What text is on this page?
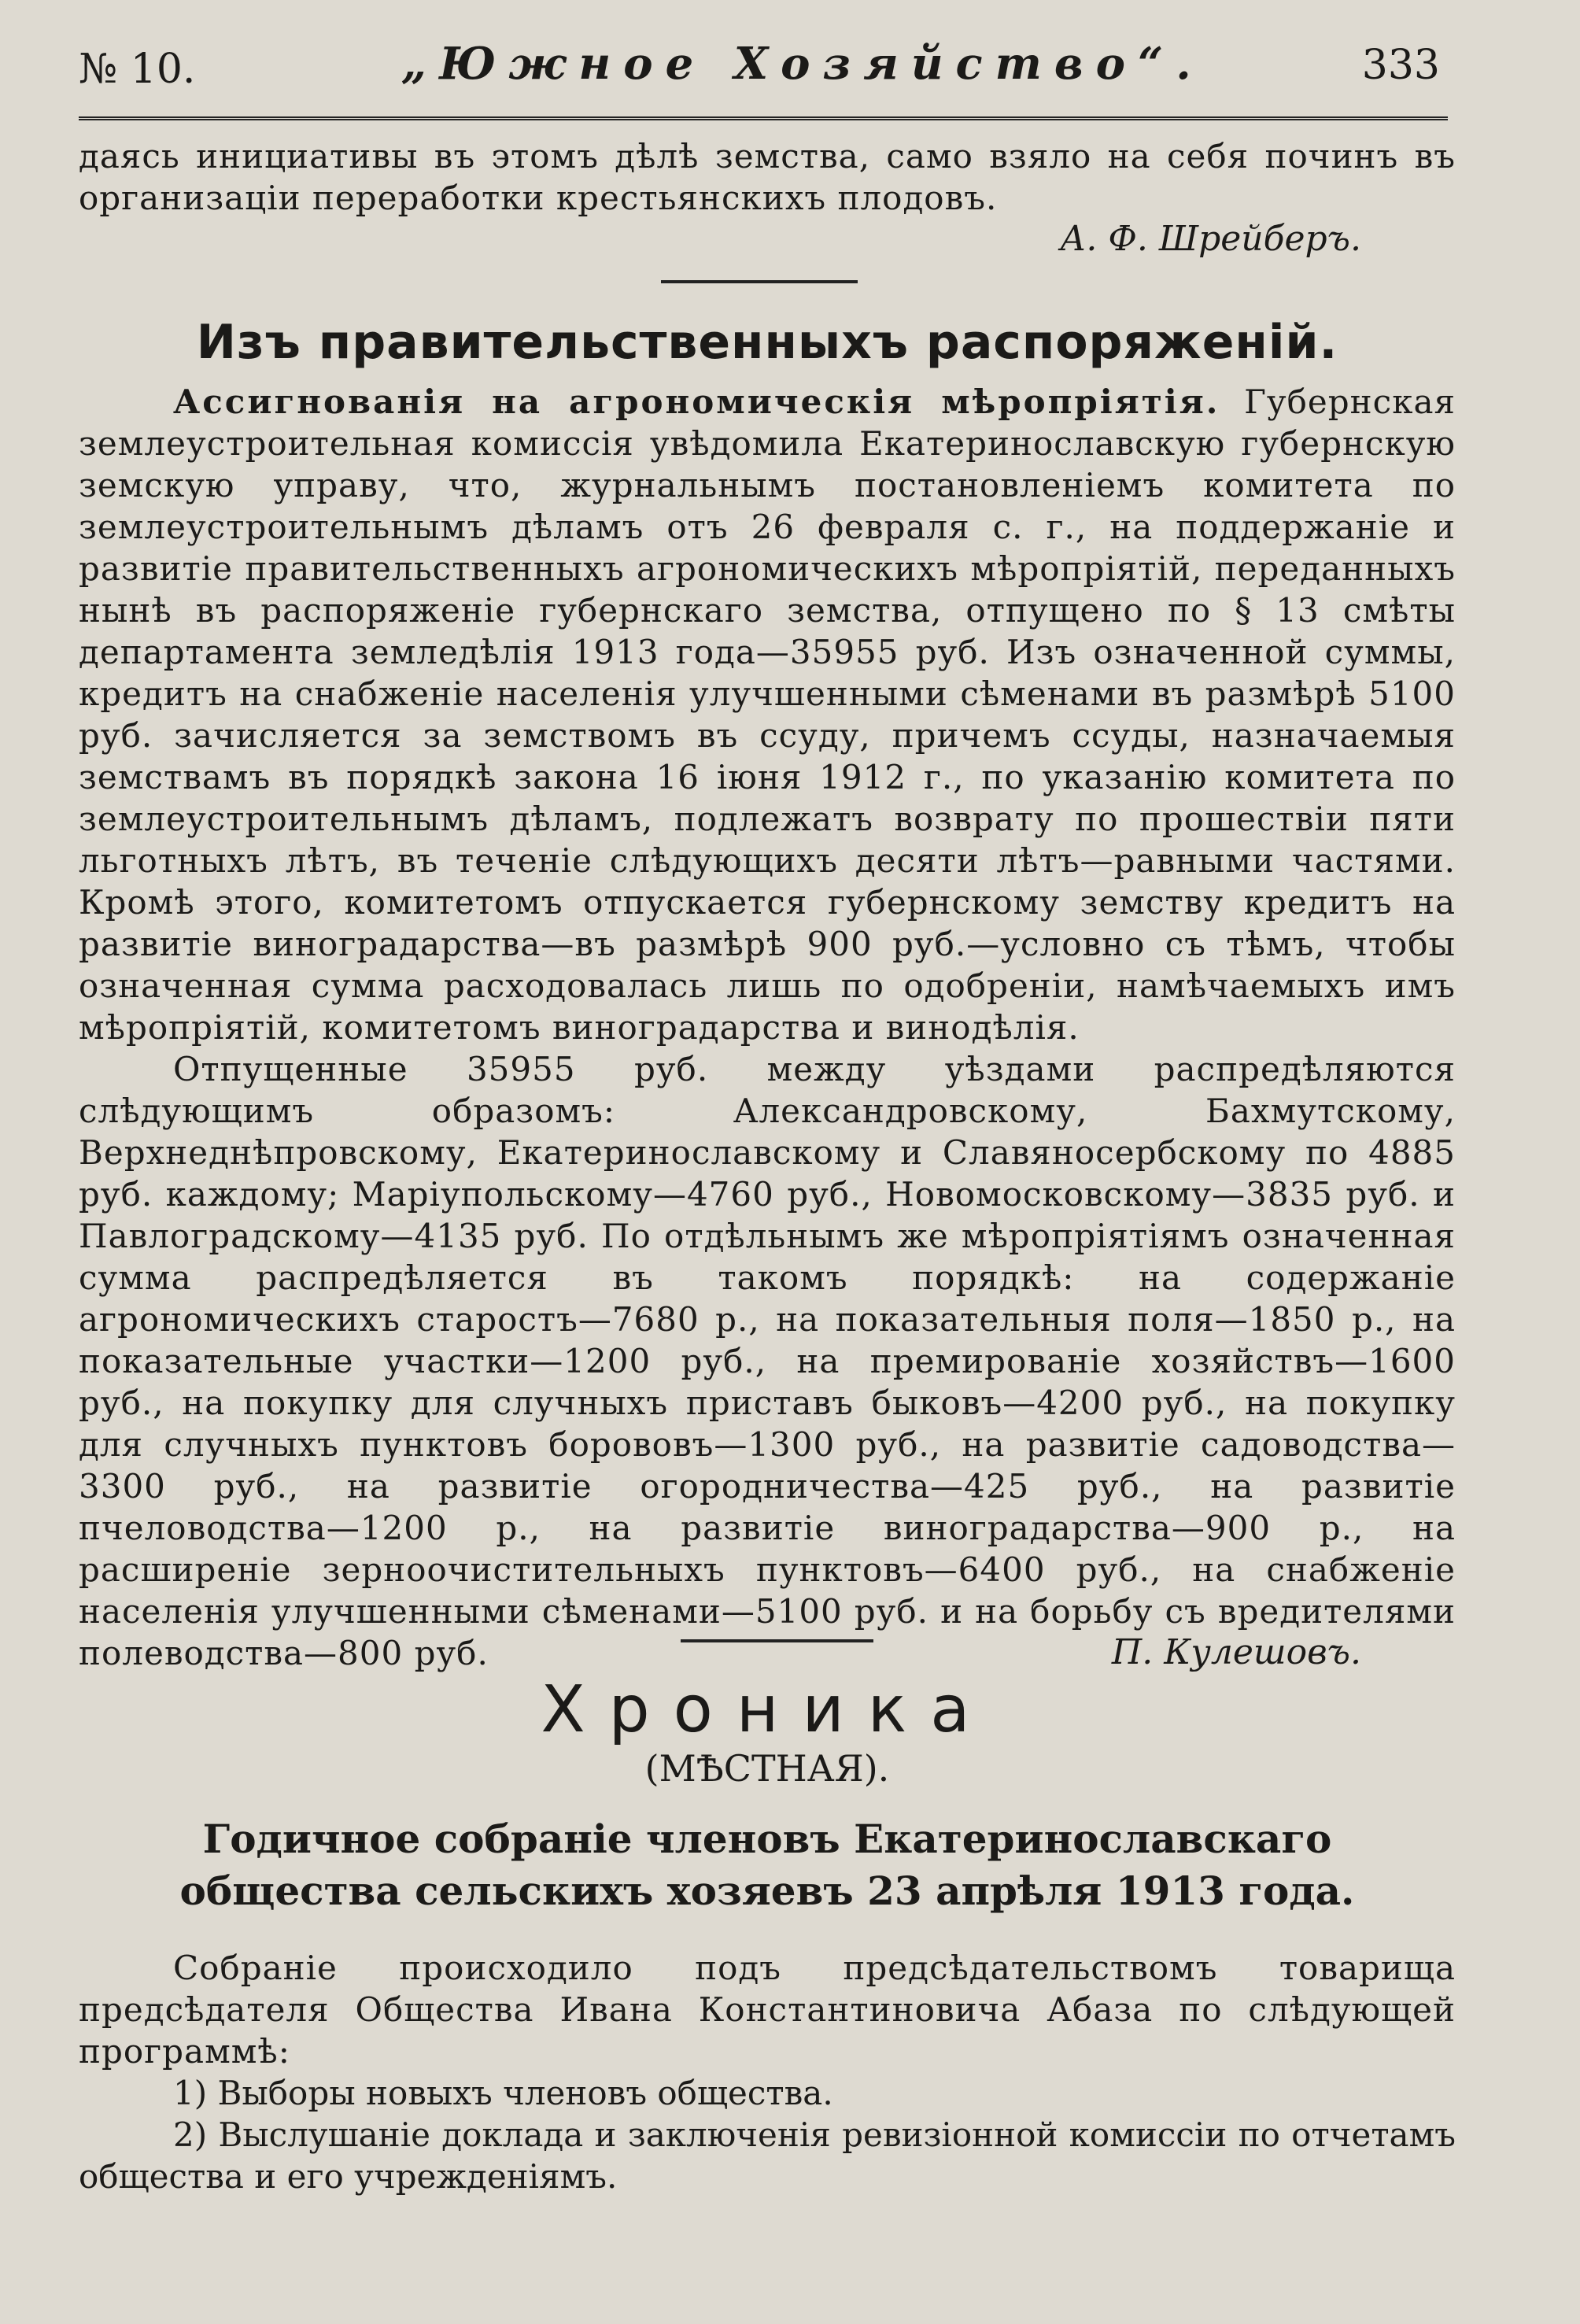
№ 10.	„Южное Хозяйство“.	333

даясь инициативы въ этомъ дѣлѣ земства, само взяло на себя починъ въ организаціи переработки крестьянскихъ плодовъ.

А. Ф. Шрейберъ.

Изъ правительственныхъ распоряженій.

Ассигнованія на агрономическія мѣропріятія. Губернская землеустроительная комиссія увѣдомила Екатеринославскую губернскую земскую управу, что, журнальнымъ постановленіемъ комитета по землеустроительнымъ дѣламъ отъ 26 февраля с. г., на поддержаніе и развитіе правительственныхъ агрономическихъ мѣропріятій, переданныхъ нынѣ въ распоряженіе губернскаго земства, отпущено по § 13 смѣты департамента земледѣлія 1913 года—35955 руб. Изъ означенной суммы, кредитъ на снабженіе населенія улучшенными сѣменами въ размѣрѣ 5100 руб. зачисляется за земствомъ въ ссуду, причемъ ссуды, назначаемыя земствамъ въ порядкѣ закона 16 іюня 1912 г., по указанію комитета по землеустроительнымъ дѣламъ, подлежатъ возврату по прошествіи пяти льготныхъ лѣтъ, въ теченіе слѣдующихъ десяти лѣтъ—равными частями. Кромѣ этого, комитетомъ отпускается губернскому земству кредитъ на развитіе виноградарства—въ размѣрѣ 900 руб.—условно съ тѣмъ, чтобы означенная сумма расходовалась лишь по одобреніи, намѣчаемыхъ имъ мѣропріятій, комитетомъ виноградарства и винодѣлія.

Отпущенные 35955 руб. между уѣздами распредѣляются слѣдующимъ образомъ: Александровскому, Бахмутскому, Верхнеднѣпровскому, Екатеринославскому и Славяносербскому по 4885 руб. каждому; Маріупольскому—4760 руб., Новомосковскому—3835 руб. и Павлоградскому—4135 руб. По отдѣльнымъ же мѣропріятіямъ означенная сумма распредѣляется въ такомъ порядкѣ: на содержаніе агрономическихъ старостъ—7680 р., на показательныя поля—1850 р., на показательные участки—1200 руб., на премированіе хозяйствъ—1600 руб., на покупку для случныхъ приставъ быковъ—4200 руб., на покупку для случныхъ пунктовъ борововъ—1300 руб., на развитіе садоводства—3300 руб., на развитіе огородничества—425 руб., на развитіе пчеловодства—1200 р., на развитіе виноградарства—900 р., на расширеніе зерноочистительныхъ пунктовъ—6400 руб., на снабженіе населенія улучшенными сѣменами—5100 руб. и на борьбу съ вредителями полеводства—800 руб.	П. Кулешовъ.

Хроника

(МѢСТНАЯ).

Годичное собраніе членовъ Екатеринославскаго общества сельскихъ хозяевъ 23 апрѣля 1913 года.

Собраніе происходило подъ предсѣдательствомъ товарища предсѣдателя Общества Ивана Константиновича Абаза по слѣдующей программѣ:

1) Выборы новыхъ членовъ общества.
2) Выслушаніе доклада и заключенія ревизіонной комиссіи по отчетамъ общества и его учрежденіямъ.
